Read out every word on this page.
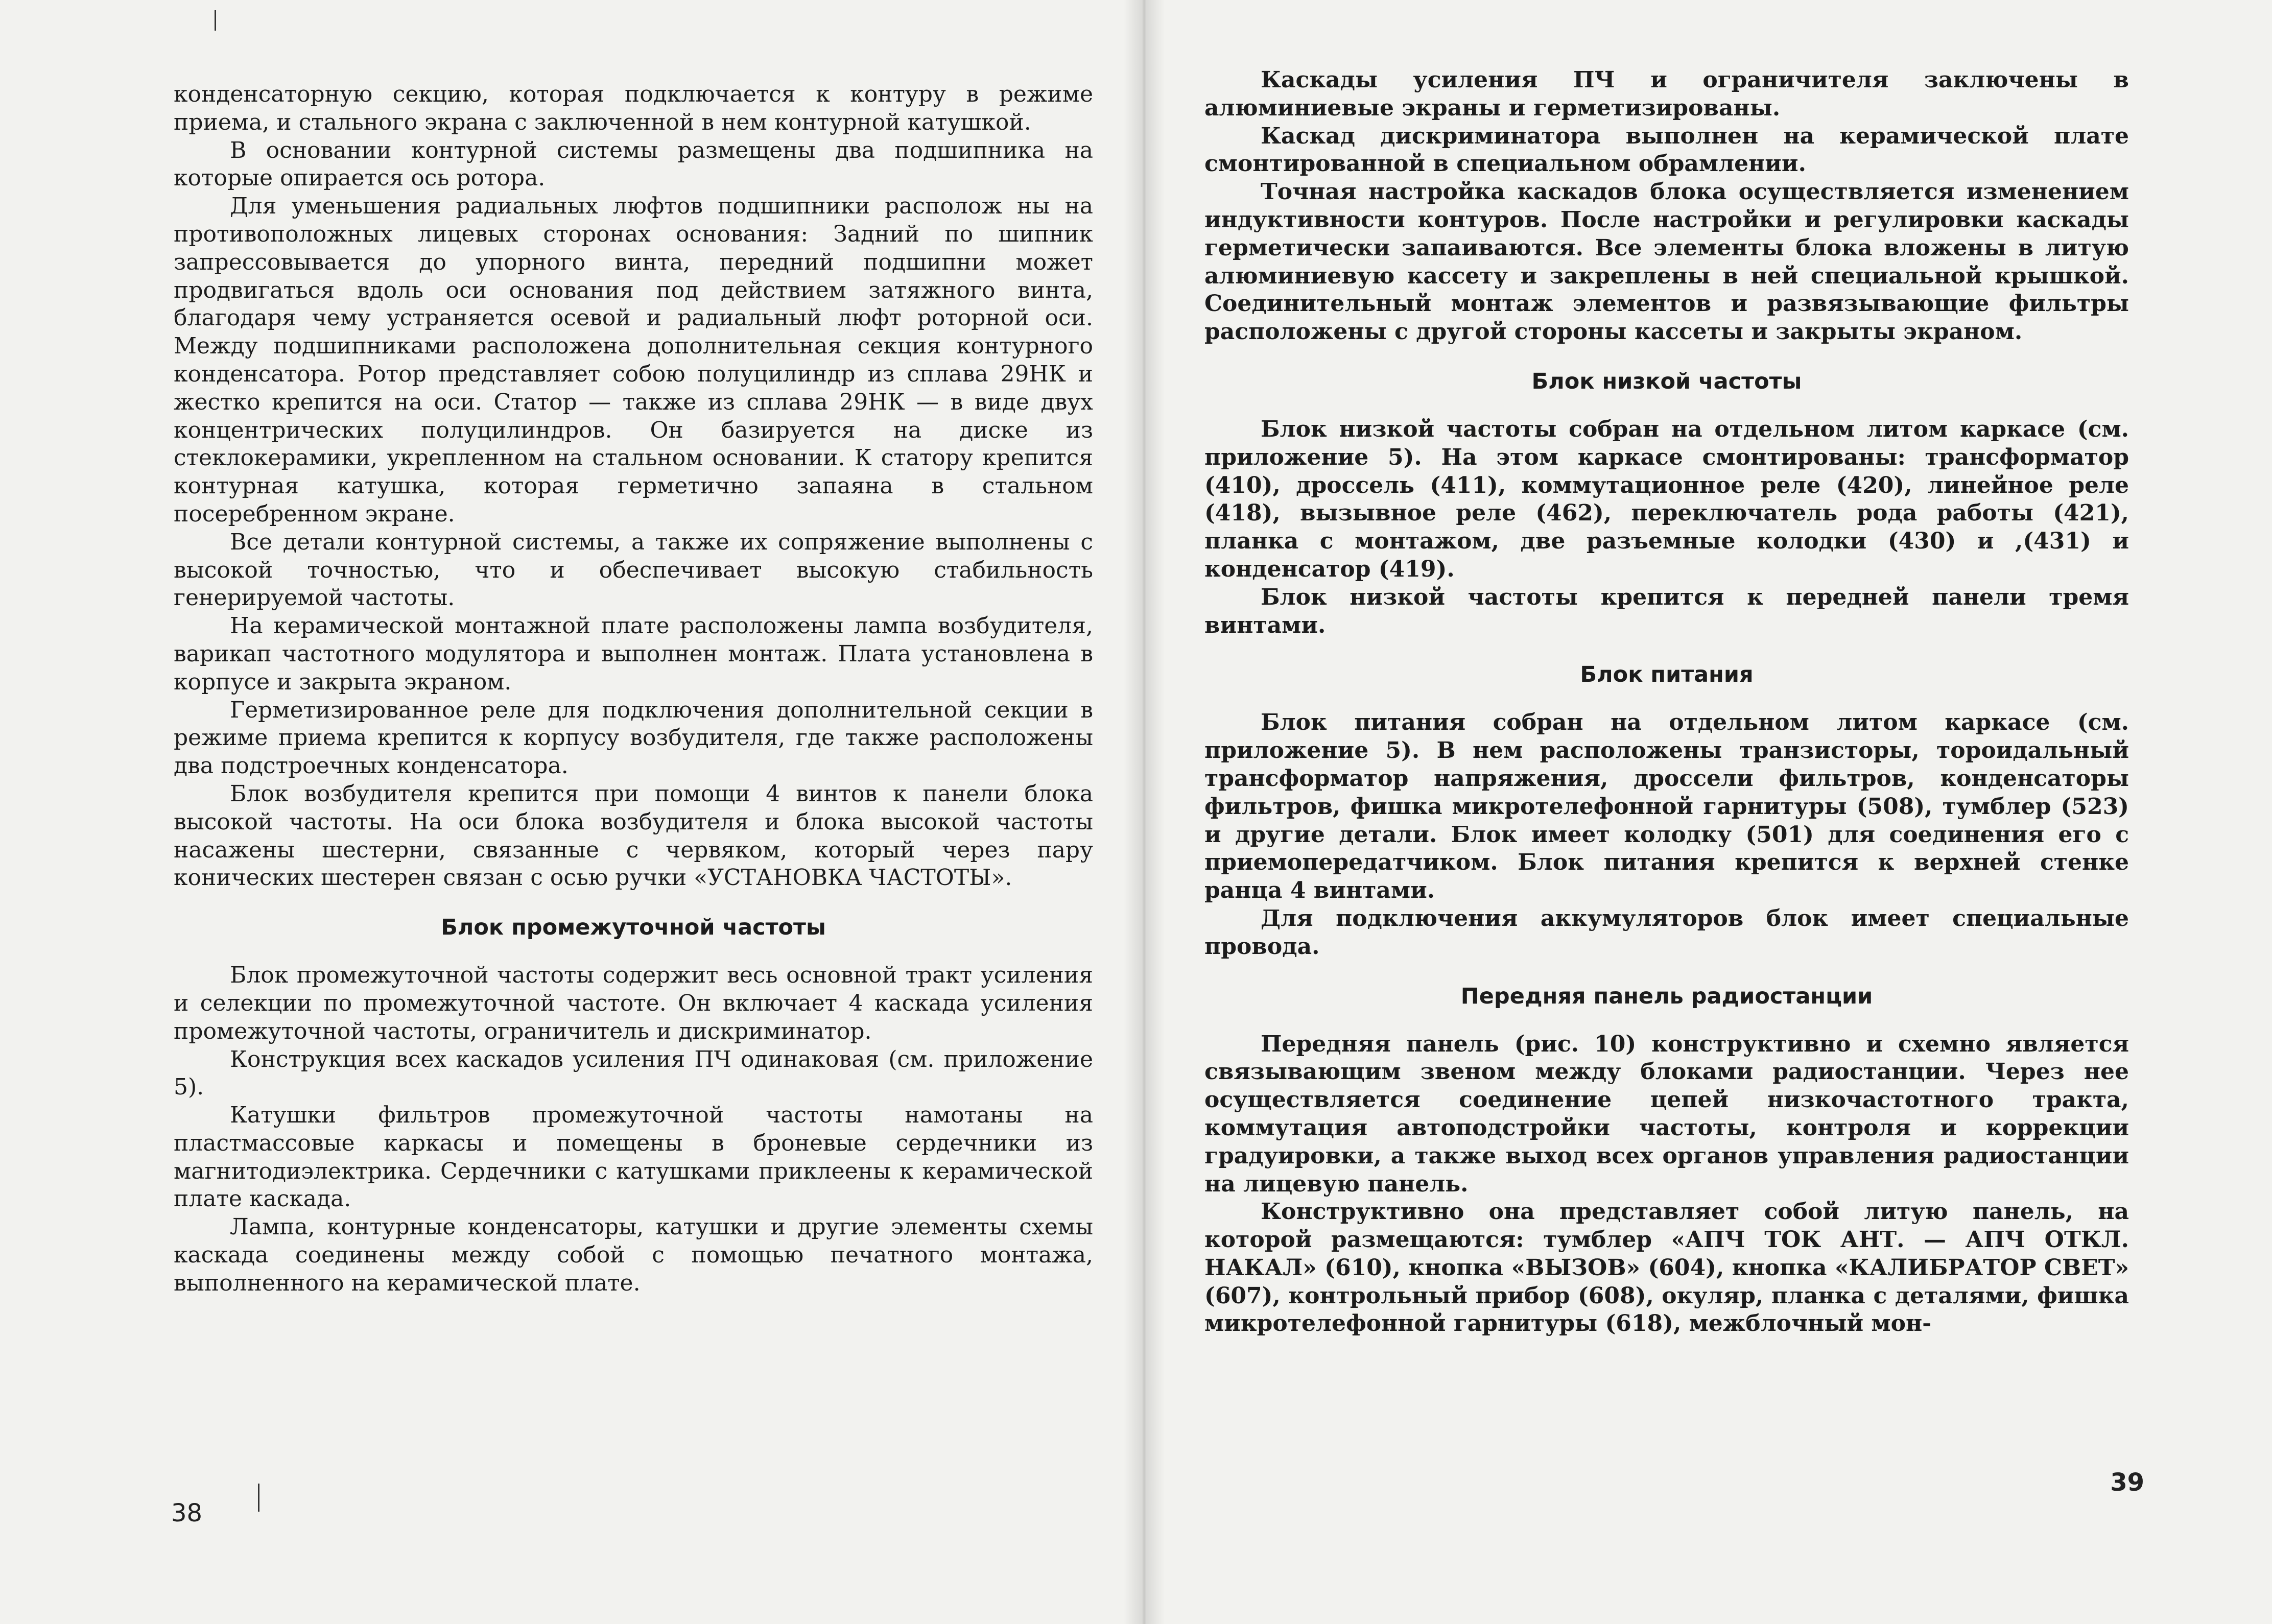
конденсаторную секцию, которая подключается к контуру в режиме приема, и стального экрана с заключенной в нем контурной катушкой.

В основании контурной системы размещены два подшипника на которые опирается ось ротора.

Для уменьшения радиальных люфтов подшипники располож ны на противоположных лицевых сторонах основания: Задний по шипник запрессовывается до упорного винта, передний подшипни может продвигаться вдоль оси основания под действием затяжного винта, благодаря чему устраняется осевой и радиальный люфт роторной оси. Между подшипниками расположена дополнительная секция контурного конденсатора. Ротор представляет собою полуцилиндр из сплава 29НК и жестко крепится на оси. Статор — также из сплава 29НК — в виде двух концентрических полуцилиндров. Он базируется на диске из стеклокерамики, укрепленном на стальном основании. К статору крепится контурная катушка, которая герметично запаяна в стальном посеребренном экране.

Все детали контурной системы, а также их сопряжение выполнены с высокой точностью, что и обеспечивает высокую стабильность генерируемой частоты.

На керамической монтажной плате расположены лампа возбудителя, варикап частотного модулятора и выполнен монтаж. Плата установлена в корпусе и закрыта экраном.

Герметизированное реле для подключения дополнительной секции в режиме приема крепится к корпусу возбудителя, где также расположены два подстроечных конденсатора.

Блок возбудителя крепится при помощи 4 винтов к панели блока высокой частоты. На оси блока возбудителя и блока высокой частоты насажены шестерни, связанные с червяком, который через пару конических шестерен связан с осью ручки «УСТАНОВКА ЧАСТОТЫ».

Блок промежуточной частоты

Блок промежуточной частоты содержит весь основной тракт усиления и селекции по промежуточной частоте. Он включает 4 каскада усиления промежуточной частоты, ограничитель и дискриминатор.

Конструкция всех каскадов усиления ПЧ одинаковая (см. приложение 5).

Катушки фильтров промежуточной частоты намотаны на пластмассовые каркасы и помещены в броневые сердечники из магнитодиэлектрика. Сердечники с катушками приклеены к керамической плате каскада.

Лампа, контурные конденсаторы, катушки и другие элементы схемы каскада соединены между собой с помощью печатного монтажа, выполненного на керамической плате.

38

Каскады усиления ПЧ и ограничителя заключены в алюминиевые экраны и герметизированы.

Каскад дискриминатора выполнен на керамической плате смонтированной в специальном обрамлении.

Точная настройка каскадов блока осуществляется изменением индуктивности контуров. После настройки и регулировки каскады герметически запаиваются. Все элементы блока вложены в литую алюминиевую кассету и закреплены в ней специальной крышкой. Соединительный монтаж элементов и развязывающие фильтры расположены с другой стороны кассеты и закрыты экраном.

Блок низкой частоты

Блок низкой частоты собран на отдельном литом каркасе (см. приложение 5). На этом каркасе смонтированы: трансформатор (410), дроссель (411), коммутационное реле (420), линейное реле (418), вызывное реле (462), переключатель рода работы (421), планка с монтажом, две разъемные колодки (430) и ,(431) и конденсатор (419).

Блок низкой частоты крепится к передней панели тремя винтами.

Блок питания

Блок питания собран на отдельном литом каркасе (см. приложение 5). В нем расположены транзисторы, тороидальный трансформатор напряжения, дроссели фильтров, конденсаторы фильтров, фишка микротелефонной гарнитуры (508), тумблер (523) и другие детали. Блок имеет колодку (501) для соединения его с приемопередатчиком. Блок питания крепится к верхней стенке ранца 4 винтами.

Для подключения аккумуляторов блок имеет специальные провода.

Передняя панель радиостанции

Передняя панель (рис. 10) конструктивно и схемно является связывающим звеном между блоками радиостанции. Через нее осуществляется соединение цепей низкочастотного тракта, коммутация автоподстройки частоты, контроля и коррекции градуировки, а также выход всех органов управления радиостанции на лицевую панель.

Конструктивно она представляет собой литую панель, на которой размещаются: тумблер «АПЧ ТОК АНТ. — АПЧ ОТКЛ. НАКАЛ» (610), кнопка «ВЫЗОВ» (604), кнопка «КАЛИБРАТОР СВЕТ» (607), контрольный прибор (608), окуляр, планка с деталями, фишка микротелефонной гарнитуры (618), межблочный мон-

39
